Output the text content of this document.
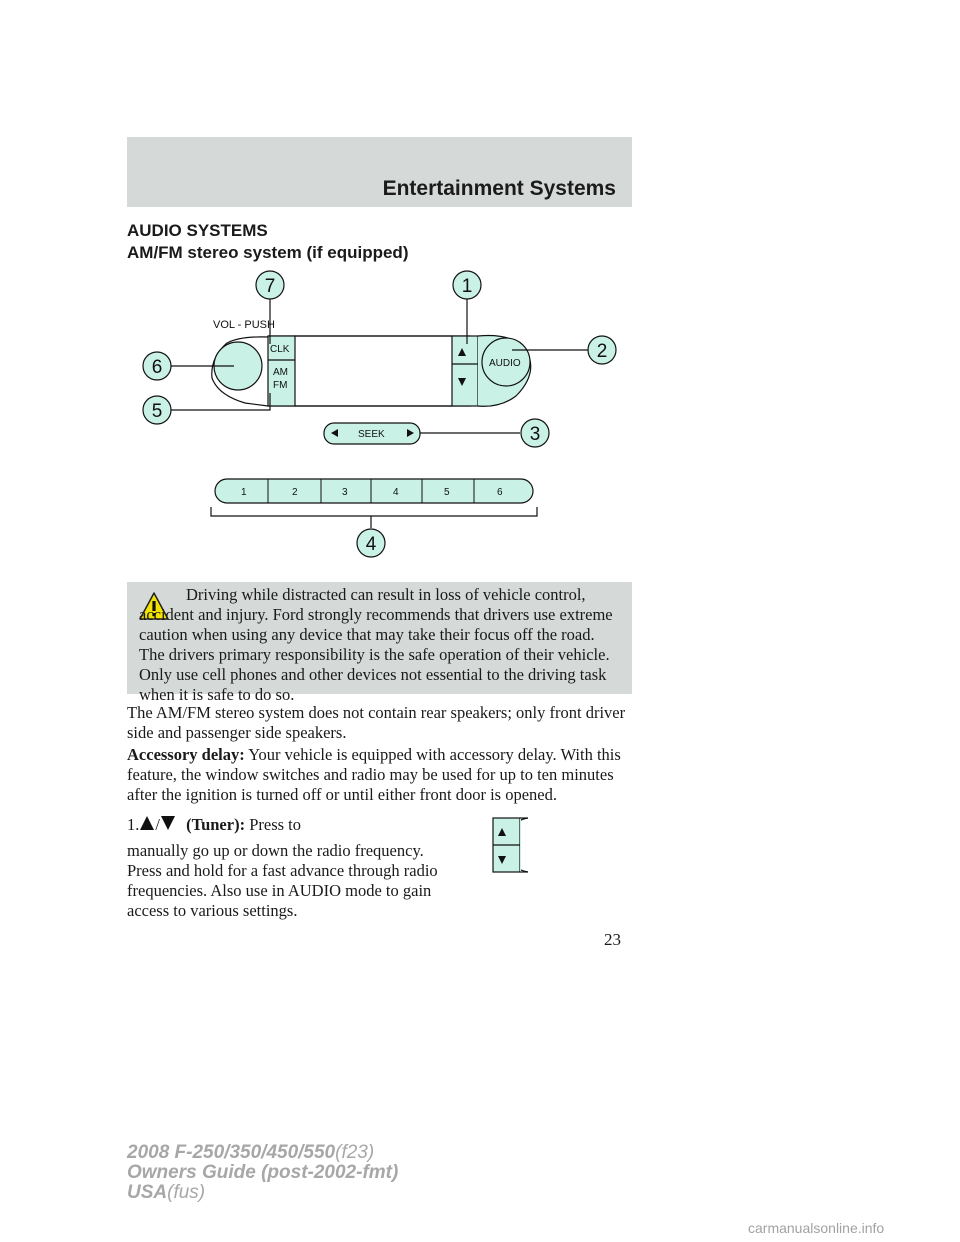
Entertainment Systems
AUDIO SYSTEMS
AM/FM stereo system (if equipped)
VOL - PUSH
CLK
AM
FM
AUDIO
SEEK
1	2	3	4	5	6
7	1
2
3
4
5
6
Driving while distracted can result in loss of vehicle control, accident and injury. Ford strongly recommends that drivers use extreme caution when using any device that may take their focus off the road. The drivers primary responsibility is the safe operation of their vehicle. Only use cell phones and other devices not essential to the driving task when it is safe to do so.
The AM/FM stereo system does not contain rear speakers; only front driver side and passenger side speakers.
Accessory delay: Your vehicle is equipped with accessory delay. With this feature, the window switches and radio may be used for up to ten minutes after the ignition is turned off or until either front door is opened.
1. / (Tuner): Press to
manually go up or down the radio frequency. Press and hold for a fast advance through radio frequencies. Also use in AUDIO mode to gain access to various settings.
23
2008 F-250/350/450/550(f23)
Owners Guide (post-2002-fmt)
USA(fus)
carmanualsonline.info
